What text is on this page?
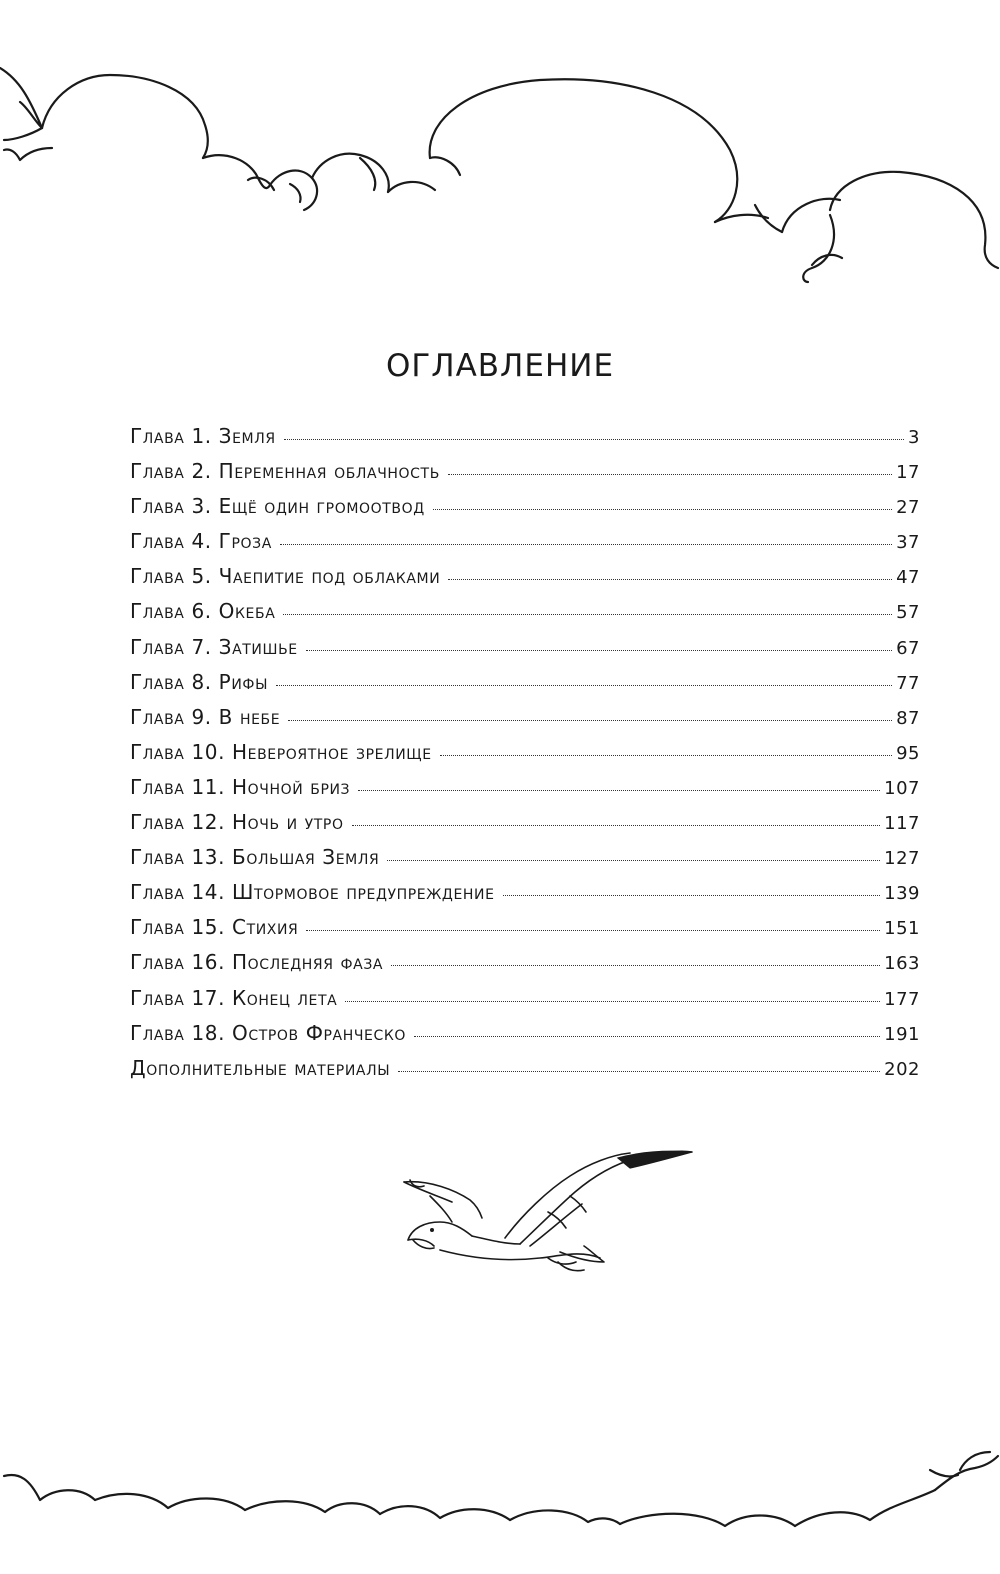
ОГЛАВЛЕНИЕ
Глава 1. Земля	3
Глава 2. Переменная облачность	17
Глава 3. Ещё один громоотвод	27
Глава 4. Гроза	37
Глава 5. Чаепитие под облаками	47
Глава 6. Океба	57
Глава 7. Затишье	67
Глава 8. Рифы	77
Глава 9. В небе	87
Глава 10. Невероятное зрелище	95
Глава 11. Ночной бриз	107
Глава 12. Ночь и утро	117
Глава 13. Большая Земля	127
Глава 14. Штормовое предупреждение	139
Глава 15. Стихия	151
Глава 16. Последняя фаза	163
Глава 17. Конец лета	177
Глава 18. Остров Франческо	191
Дополнительные материалы	202
